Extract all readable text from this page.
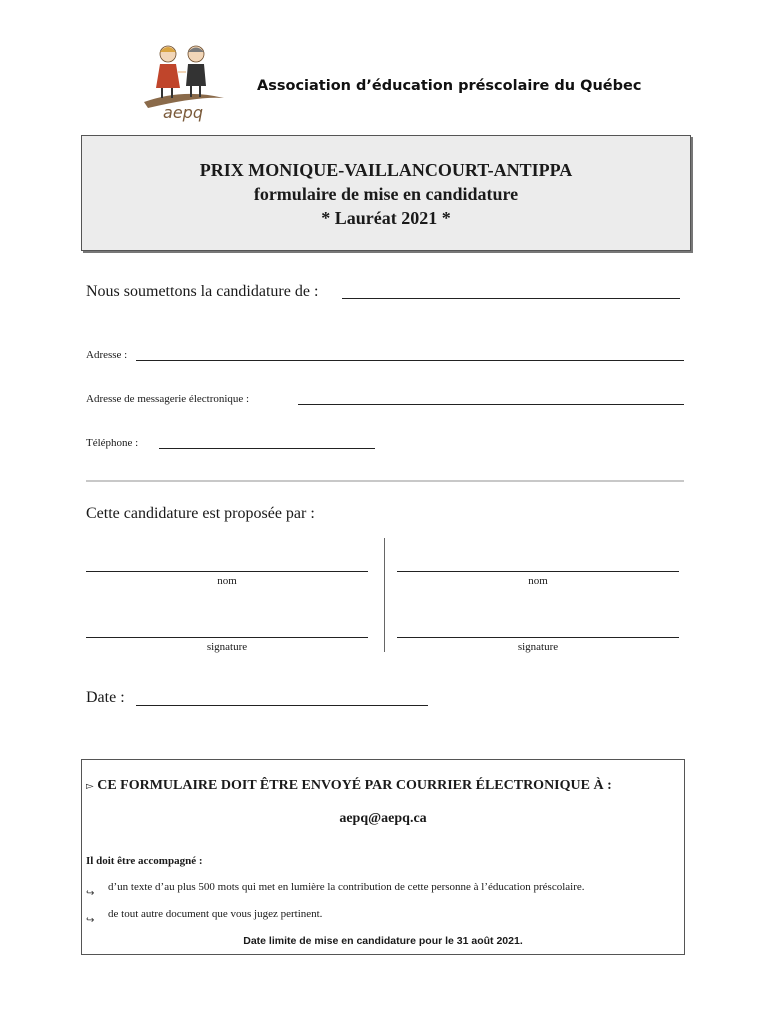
aepq
Association d’éducation préscolaire du Québec
PRIX MONIQUE-VAILLANCOURT-ANTIPPA
formulaire de mise en candidature
* Lauréat 2021 *
Nous soumettons la candidature de :
Adresse :
Adresse de messagerie électronique :
Téléphone :
Cette candidature est proposée par :
nom	nom
signature	signature
Date :
▻ CE FORMULAIRE DOIT ÊTRE ENVOYÉ PAR COURRIER ÉLECTRONIQUE À :
aepq@aepq.ca
Il doit être accompagné :
↪
d’un texte d’au plus 500 mots qui met en lumière la contribution de cette personne à l’éducation préscolaire.
↪
de tout autre document que vous jugez pertinent.
Date limite de mise en candidature pour le 31 août 2021.
